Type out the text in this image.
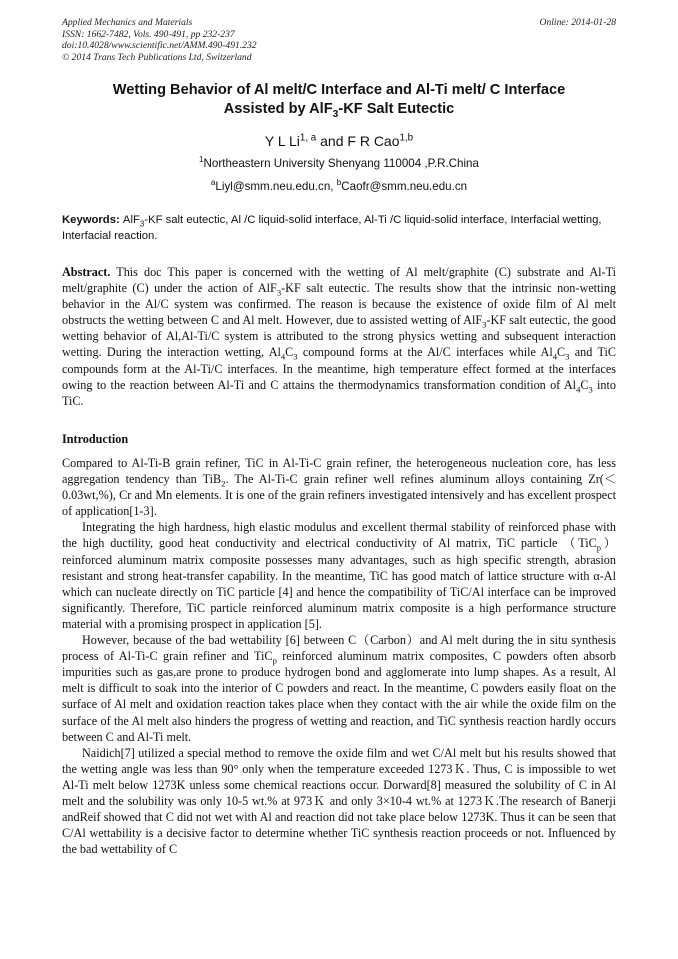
Applied Mechanics and Materials
ISSN: 1662-7482, Vols. 490-491, pp 232-237
doi:10.4028/www.scientific.net/AMM.490-491.232
© 2014 Trans Tech Publications Ltd, Switzerland
Online: 2014-01-28
Wetting Behavior of Al melt/C Interface and Al-Ti melt/ C Interface
Assisted by AlF$_3$-KF Salt Eutectic
Y L Li$^{1, a}$ and F R Cao$^{1,b}$
$^1$Northeastern University Shenyang 110004 ,P.R.China
$^a$Liyl@smm.neu.edu.cn, $^b$Caofr@smm.neu.edu.cn
Keywords: AlF$_3$-KF salt eutectic, Al /C liquid-solid interface, Al-Ti /C liquid-solid interface, Interfacial wetting, Interfacial reaction.
Abstract. This doc This paper is concerned with the wetting of Al melt/graphite (C) substrate and Al-Ti melt/graphite (C) under the action of AlF$_3$-KF salt eutectic. The results show that the intrinsic non-wetting behavior in the Al/C system was confirmed. The reason is because the existence of oxide film of Al melt obstructs the wetting between C and Al melt. However, due to assisted wetting of AlF$_3$-KF salt eutectic, the good wetting behavior of Al,Al-Ti/C system is attributed to the strong physics wetting and subsequent interaction wetting. During the interaction wetting, $Al_4C_3$ compound forms at the Al/C interfaces while $Al_4C_3$ and TiC compounds form at the Al-Ti/C interfaces. In the meantime, high temperature effect formed at the interfaces owing to the reaction between Al-Ti and C attains the thermodynamics transformation condition of $Al_4C_3$ into TiC.
Introduction

Compared to Al-Ti-B grain refiner, TiC in Al-Ti-C grain refiner, the heterogeneous nucleation core, has less aggregation tendency than TiB$_2$. The Al-Ti-C grain refiner well refines aluminum alloys containing Zr(＜0.03wt,%), Cr and Mn elements. It is one of the grain refiners investigated intensively and has excellent prospect of application[1-3].

Integrating the high hardness, high elastic modulus and excellent thermal stability of reinforced phase with the high ductility, good heat conductivity and electrical conductivity of Al matrix, TiC particle （TiC$_p$） reinforced aluminum matrix composite possesses many advantages, such as high specific strength, abrasion resistant and strong heat-transfer capability. In the meantime, TiC has good match of lattice structure with α-Al which can nucleate directly on TiC particle [4] and hence the compatibility of TiC/Al interface can be improved significantly. Therefore, TiC particle reinforced aluminum matrix composite is a high performance structure material with a promising prospect in application [5].

However, because of the bad wettability [6] between C（Carbon）and Al melt during the in situ synthesis process of Al-Ti-C grain refiner and TiC$_p$ reinforced aluminum matrix composites, C powders often absorb impurities such as gas,are prone to produce hydrogen bond and agglomerate into lump shapes. As a result, Al melt is difficult to soak into the interior of C powders and react. In the meantime, C powders easily float on the surface of Al melt and oxidation reaction takes place when they contact with the air while the oxide film on the surface of the Al melt also hinders the progress of wetting and reaction, and TiC synthesis reaction hardly occurs between C and Al-Ti melt.

Naidich[7] utilized a special method to remove the oxide film and wet C/Al melt but his results showed that the wetting angle was less than 90° only when the temperature exceeded 1273Ｋ. Thus, C is impossible to wet Al-Ti melt below 1273K unless some chemical reactions occur. Dorward[8] measured the solubility of C in Al melt and the solubility was only 10-5 wt.% at 973Ｋ and only 3×10-4 wt.% at 1273Ｋ.The research of Banerji andReif showed that C did not wet with Al and reaction did not take place below 1273K. Thus it can be seen that C/Al wettability is a decisive factor to determine whether TiC synthesis reaction proceeds or not. Influenced by the bad wettability of C
